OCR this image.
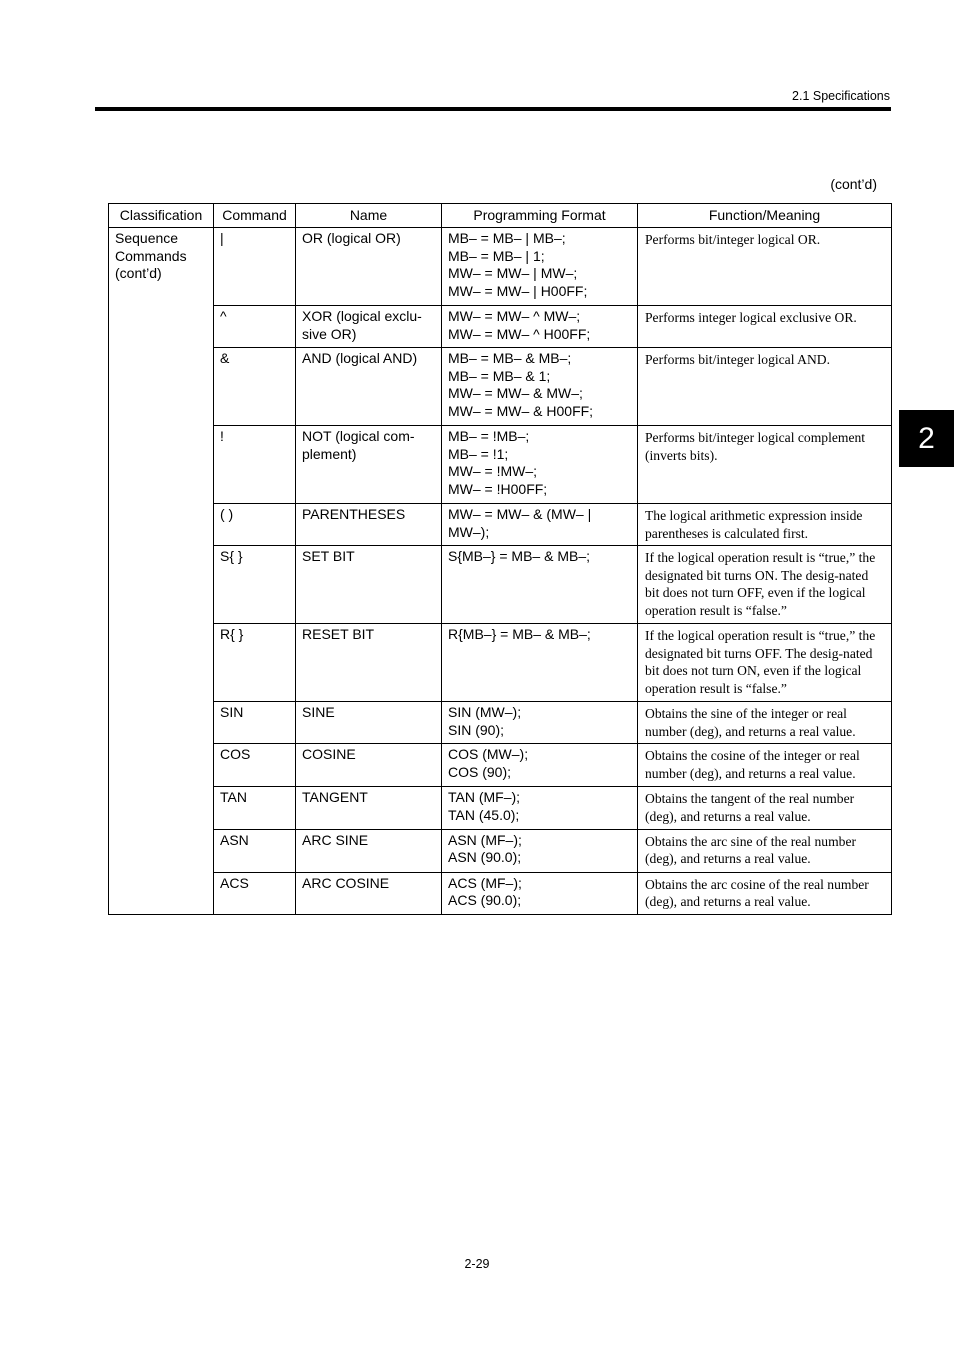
2.1 Specifications
2
(cont’d)
Classification	Command	Name	Programming Format	Function/Meaning

Sequence
Commands
(cont’d)	|	OR (logical OR)	MB– = MB– | MB–;
MB– = MB– | 1;
MW– = MW– | MW–;
MW– = MW– | H00FF;	Performs bit/integer logical OR.
	^	XOR (logical exclu-sive OR)	MW– = MW– ^ MW–;
MW– = MW– ^ H00FF;	Performs integer logical exclusive OR.
	&	AND (logical AND)	MB– = MB– & MB–;
MB– = MB– & 1;
MW– = MW– & MW–;
MW– = MW– & H00FF;	Performs bit/integer logical AND.
	!	NOT (logical com-plement)	MB– = !MB–;
MB– = !1;
MW– = !MW–;
MW– = !H00FF;	Performs bit/integer logical complement (inverts bits).
	( )	PARENTHESES	MW– = MW– & (MW– |
MW–);	The logical arithmetic expression inside parentheses is calculated first.
	S{ }	SET BIT	S{MB–} = MB– & MB–;	If the logical operation result is “true,” the designated bit turns ON. The desig-nated bit does not turn OFF, even if the logical operation result is “false.”
	R{ }	RESET BIT	R{MB–} = MB– & MB–;	If the logical operation result is “true,” the designated bit turns OFF. The desig-nated bit does not turn ON, even if the logical operation result is “false.”
	SIN	SINE	SIN (MW–);
SIN (90);	Obtains the sine of the integer or real number (deg), and returns a real value.
	COS	COSINE	COS (MW–);
COS (90);	Obtains the cosine of the integer or real number (deg), and returns a real value.
	TAN	TANGENT	TAN (MF–);
TAN (45.0);	Obtains the tangent of the real number (deg), and returns a real value.
	ASN	ARC SINE	ASN (MF–);
ASN (90.0);	Obtains the arc sine of the real number (deg), and returns a real value.
	ACS	ARC COSINE	ACS (MF–);
ACS (90.0);	Obtains the arc cosine of the real number (deg), and returns a real value.
2-29
